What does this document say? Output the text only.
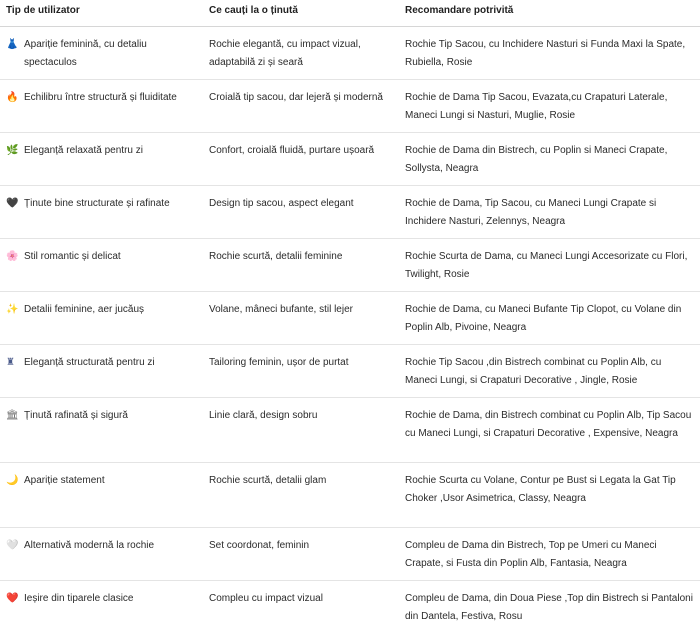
Tip de utilizator	Ce cauți la o ținută	Recomandare potrivită

👗 Apariție feminină, cu detaliu spectaculos	Rochie elegantă, cu impact vizual, adaptabilă zi și seară	Rochie Tip Sacou, cu Inchidere Nasturi si Funda Maxi la Spate, Rubiella, Rosie

🔥 Echilibru între structură și fluiditate	Croială tip sacou, dar lejeră și modernă	Rochie de Dama Tip Sacou, Evazata,cu Crapaturi Laterale, Maneci Lungi si Nasturi, Muglie, Rosie

🌿 Eleganță relaxată pentru zi	Confort, croială fluidă, purtare ușoară	Rochie de Dama din Bistrech, cu Poplin si Maneci Crapate, Sollysta, Neagra

🖤 Ținute bine structurate și rafinate	Design tip sacou, aspect elegant	Rochie de Dama, Tip Sacou, cu Maneci Lungi Crapate si Inchidere Nasturi, Zelennys, Neagra

🌸 Stil romantic și delicat	Rochie scurtă, detalii feminine	Rochie Scurta de Dama, cu Maneci Lungi Accesorizate cu Flori, Twilight, Rosie

✨ Detalii feminine, aer jucăuș	Volane, mâneci bufante, stil lejer	Rochie de Dama, cu Maneci Bufante Tip Clopot, cu Volane din Poplin Alb, Pivoine, Neagra

♜ Eleganță structurată pentru zi	Tailoring feminin, ușor de purtat	Rochie Tip Sacou ,din Bistrech combinat cu Poplin Alb, cu Maneci Lungi, si Crapaturi Decorative , Jingle, Rosie

🏛 Ținută rafinată și sigură	Linie clară, design sobru	Rochie de Dama, din Bistrech combinat cu Poplin Alb, Tip Sacou cu Maneci Lungi, si Crapaturi Decorative , Expensive, Neagra

🌙 Apariție statement	Rochie scurtă, detalii glam	Rochie Scurta cu Volane, Contur pe Bust si Legata la Gat Tip Choker ,Usor Asimetrica, Classy, Neagra

🤍 Alternativă modernă la rochie	Set coordonat, feminin	Compleu de Dama din Bistrech, Top pe Umeri cu Maneci Crapate, si Fusta din Poplin Alb, Fantasia, Neagra

❤️ Ieșire din tiparele clasice	Compleu cu impact vizual	Compleu de Dama, din Doua Piese ,Top din Bistrech si Pantaloni din Dantela, Festiva, Rosu
